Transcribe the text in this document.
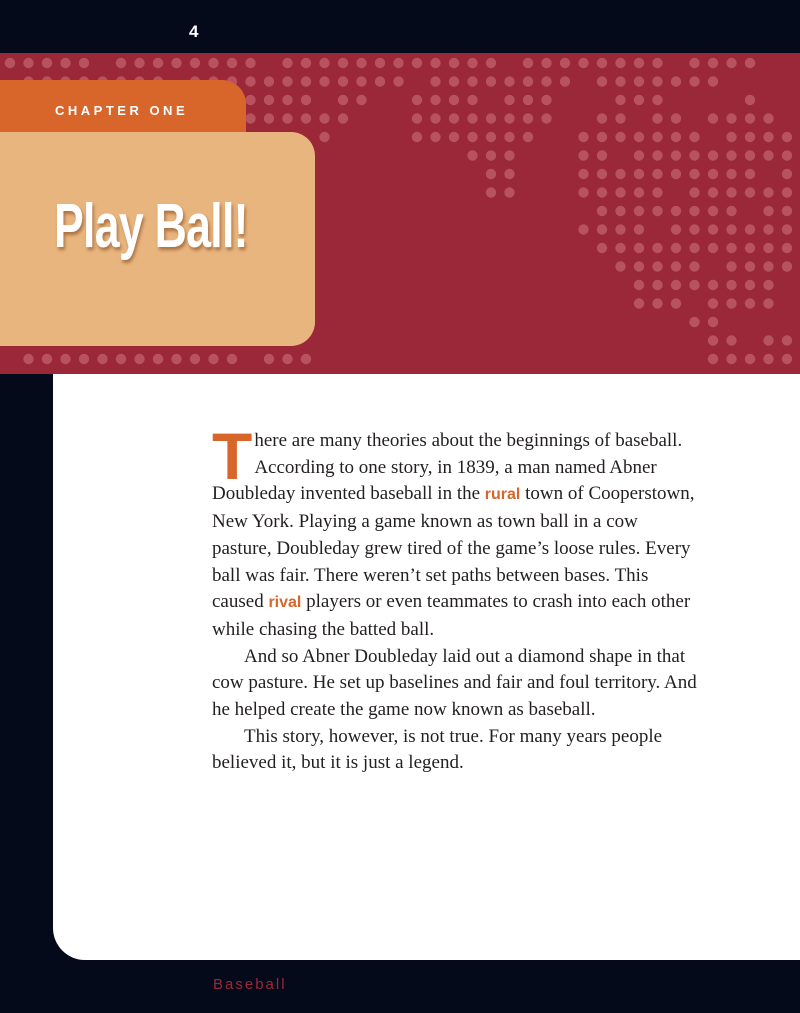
4
CHAPTER ONE
Play Ball!

There are many theories about the beginnings of baseball. According to one story, in 1839, a man named Abner Doubleday invented baseball in the rural town of Cooperstown, New York. Playing a game known as town ball in a cow pasture, Doubleday grew tired of the game’s loose rules. Every ball was fair. There weren’t set paths between bases. This caused rival players or even teammates to crash into each other while chasing the batted ball.

And so Abner Doubleday laid out a diamond shape in that cow pasture. He set up baselines and fair and foul territory. And he helped create the game now known as baseball.

This story, however, is not true. For many years people believed it, but it is just a legend.

Baseball
